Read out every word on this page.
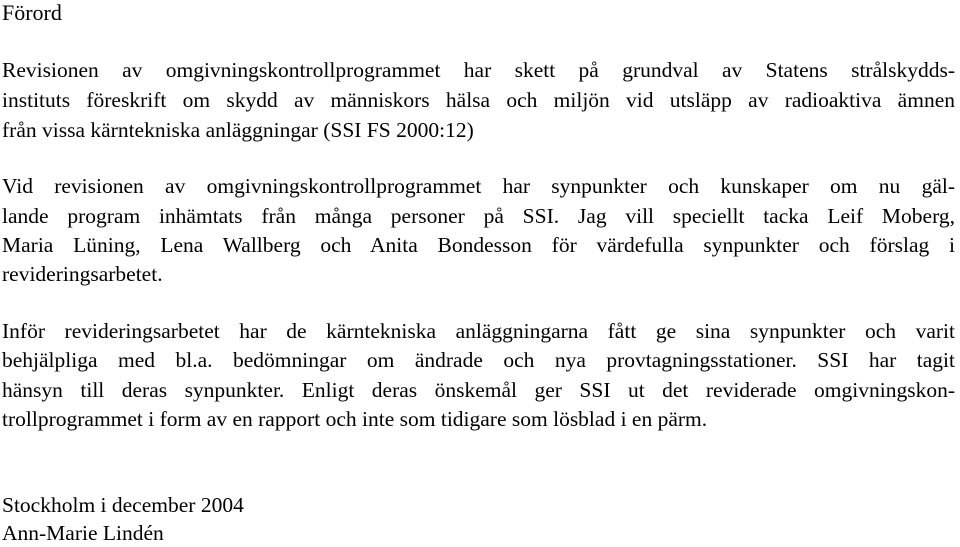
Förord
Revisionen av omgivningskontrollprogrammet har skett på grundval av Statens strålskydds-
instituts föreskrift om skydd av människors hälsa och miljön vid utsläpp av radioaktiva ämnen
från vissa kärntekniska anläggningar (SSI FS 2000:12)
Vid revisionen av omgivningskontrollprogrammet har synpunkter och kunskaper om nu gäl-
lande program inhämtats från många personer på SSI. Jag vill speciellt tacka Leif Moberg,
Maria Lüning, Lena Wallberg och Anita Bondesson för värdefulla synpunkter och förslag i
revideringsarbetet.
Inför revideringsarbetet har de kärntekniska anläggningarna fått ge sina synpunkter och varit
behjälpliga med bl.a. bedömningar om ändrade och nya provtagningsstationer. SSI har tagit
hänsyn till deras synpunkter. Enligt deras önskemål ger SSI ut det reviderade omgivningskon-
trollprogrammet i form av en rapport och inte som tidigare som lösblad i en pärm.
Stockholm i december 2004
Ann-Marie Lindén
